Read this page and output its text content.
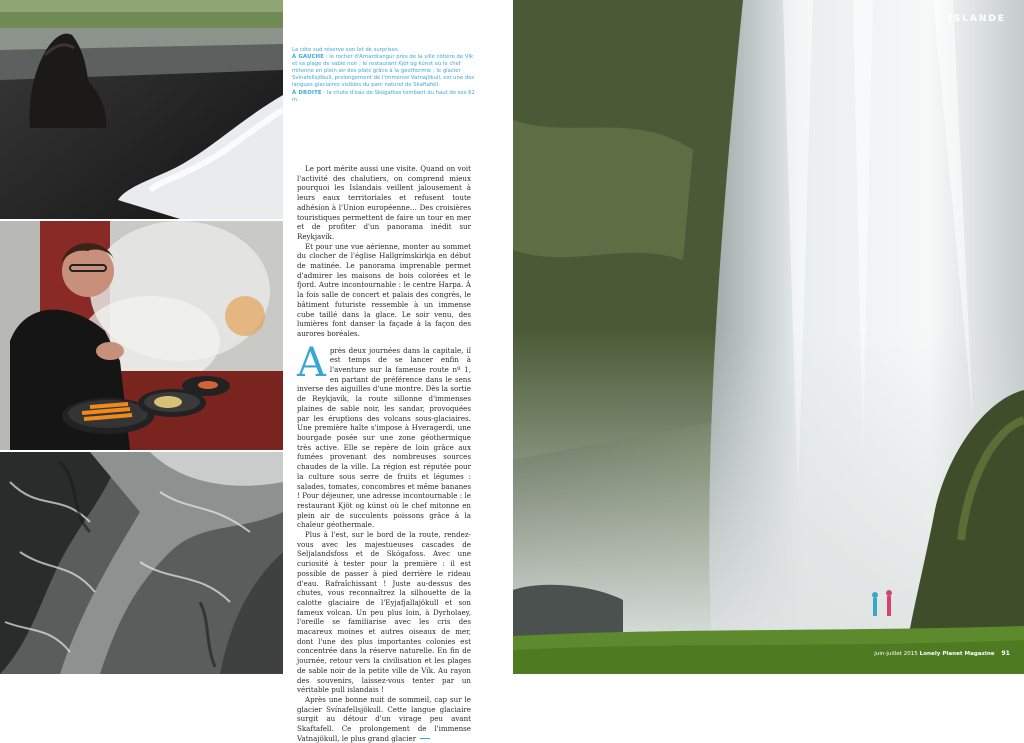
La côte sud réserve son lot de surprises.

À GAUCHE : le rocher d'Arnardrangur près de la ville côtière de Vík et sa plage de sable noir ; le restaurant Kjöt og kúnst où le chef mitonne en plein air des plats grâce à la géothermie ; le glacier Svínafellsjökull, prolongement de l'immense Vatnajökull, est une des langues glaciaires visibles du parc naturel de Skaftafell.

À DROITE : la chute d'eau de Skógafoss tombant du haut de ses 62 m.

Le port mérite aussi une visite. Quand on voit l'activité des chalutiers, on comprend mieux pourquoi les Islandais veillent jalousement à leurs eaux territoriales et refusent toute adhésion à l'Union européenne… Des croisières touristiques permettent de faire un tour en mer et de profiter d'un panorama inédit sur Reykjavík.

Et pour une vue aérienne, monter au sommet du clocher de l'église Hallgrímskirkja en début de matinée. Le panorama imprenable permet d'admirer les maisons de bois colorées et le fjord. Autre incontournable : le centre Harpa. À la fois salle de concert et palais des congrès, le bâtiment futuriste ressemble à un immense cube taillé dans la glace. Le soir venu, des lumières font danser la façade à la façon des aurores boréales.

A près deux journées dans la capitale, il est temps de se lancer enfin à l'aventure sur la fameuse route nº 1, en partant de préférence dans le sens inverse des aiguilles d'une montre. Dès la sortie de Reykjavík, la route sillonne d'immenses plaines de sable noir, les sandar, provoquées par les éruptions des volcans sous-glaciaires. Une première halte s'impose à Hveragerdi, une bourgade posée sur une zone géothermique très active. Elle se repère de loin grâce aux fumées provenant des nombreuses sources chaudes de la ville. La région est réputée pour la culture sous serre de fruits et légumes : salades, tomates, concombres et même bananes ! Pour déjeuner, une adresse incontournable : le restaurant Kjöt og kúnst où le chef mitonne en plein air de succulents poissons grâce à la chaleur géothermale.

Plus à l'est, sur le bord de la route, rendez-vous avec les majestueuses cascades de Seljalandsfoss et de Skógafoss. Avec une curiosité à tester pour la première : il est possible de passer à pied derrière le rideau d'eau. Rafraîchissant ! Juste au-dessus des chutes, vous reconnaîtrez la silhouette de la calotte glaciaire de l'Eyjafjallajökull et son fameux volcan. Un peu plus loin, à Dyrholaey, l'oreille se familiarise avec les cris des macareux moines et autres oiseaux de mer, dont l'une des plus importantes colonies est concentrée dans la réserve naturelle. En fin de journée, retour vers la civilisation et les plages de sable noir de la petite ville de Vík. Au rayon des souvenirs, laissez-vous tenter par un véritable pull islandais !

Après une bonne nuit de sommeil, cap sur le glacier Svínafellsjökull. Cette langue glaciaire surgit au détour d'un virage peu avant Skaftafell. Ce prolongement de l'immense Vatnajökull, le plus grand glacier

ISLANDE
juin-juillet 2015 Lonely Planet Magazine 91
